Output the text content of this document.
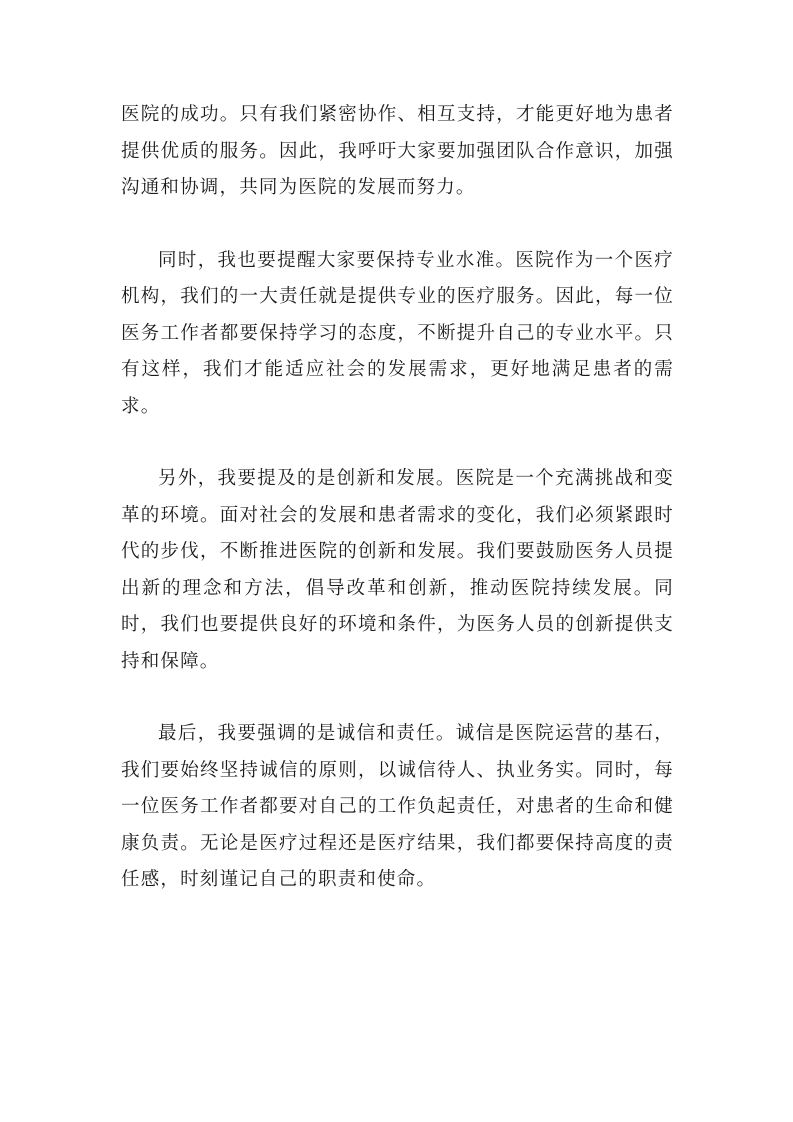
医院的成功。只有我们紧密协作、相互支持，才能更好地为患者提供优质的服务。因此，我呼吁大家要加强团队合作意识，加强沟通和协调，共同为医院的发展而努力。

同时，我也要提醒大家要保持专业水准。医院作为一个医疗机构，我们的一大责任就是提供专业的医疗服务。因此，每一位医务工作者都要保持学习的态度，不断提升自己的专业水平。只有这样，我们才能适应社会的发展需求，更好地满足患者的需求。

另外，我要提及的是创新和发展。医院是一个充满挑战和变革的环境。面对社会的发展和患者需求的变化，我们必须紧跟时代的步伐，不断推进医院的创新和发展。我们要鼓励医务人员提出新的理念和方法，倡导改革和创新，推动医院持续发展。同时，我们也要提供良好的环境和条件，为医务人员的创新提供支持和保障。

最后，我要强调的是诚信和责任。诚信是医院运营的基石，我们要始终坚持诚信的原则，以诚信待人、执业务实。同时，每一位医务工作者都要对自己的工作负起责任，对患者的生命和健康负责。无论是医疗过程还是医疗结果，我们都要保持高度的责任感，时刻谨记自己的职责和使命。
